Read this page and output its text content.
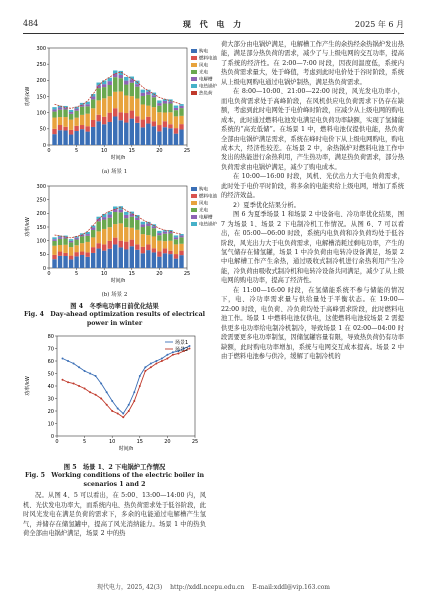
484	现 代 电 力	2025 年 6 月
0
50
100
150
200
250
300
0	5	10	15	20	25
功率/kW
时间/h
购电
燃料电池
风电
光电
电解槽
电热锅炉
热负荷
(a) 场景 1
0
50
100
150
200
250
300
0	5	10	15	20	25
功率/kW
时间/h
购电
燃料电池
风电
光电
电解槽
电热锅炉
(b) 场景 2
图 4　冬季电功率日前优化结果
Fig. 4　Day-ahead optimization results of electrical power in winter
0
10
20
30
40
50
60
70
80
0	5	10	15	20	25
功率/kW
时间/h
场景1
场景2
图 5　场景 1、2 下电锅炉工作情况
Fig. 5　Working conditions of the electric boiler in scenarios 1 and 2

况。从图 4、5 可以看出，在 5:00、13:00—14:00 内，风机、光伏发电功率大，而系统内电、热负荷需求处于低谷阶段，此时风光发电在满足负荷的需求下，多余的电能通过电解槽产生氢气，并储存在储氢罐中，提高了风光消纳能力。场景 1 中的热负荷全部由电锅炉满足，场景 2 中的热

荷大部分由电锅炉满足，电解槽工作产生的余热经余热锅炉发出热能，满足部分热负荷的需求，减少了与上级电网的交互功率，提高了系统的经济性。在 2:00—7:00 时段，因夜间温度低，系统内热负荷需求量大，处于峰值，考虑到此时电价处于谷时阶段，系统从上级电网购电通过电锅炉制热，满足热负荷需求。

在 8:00—10:00、21:00—22:00 时段，风光发电功率小，而电负荷需求处于高峰阶段，在风机供应电负荷需求下仍存在缺额，考虑到此时电网处于电价峰时阶段，应减少从上级电网的购电成本，此时通过燃料电池发电满足电负荷功率缺额，实现了氢储能系统的“高充低储”。在场景 1 中，燃料电池仅提供电能，热负荷全部由电锅炉满足需求，系统在峰时电价下从上级电网购电，购电成本大，经济性较差。在场景 2 中，余热锅炉对燃料电池工作中发出的热能进行余热利用，产生热功率，满足热负荷需求，部分热负荷需求由电锅炉满足，减少了购电成本。

在 10:00—16:00 时段，风机、光伏出力大于电负荷需求，此时处于电价平时阶段，将多余的电能卖给上级电网，增加了系统的经济效益。

2）夏季优化结果分析。

图 6 为夏季场景 1 和场景 2 中设备电、冷功率优化结果，图 7 为场景 1、场景 2 下电制冷机工作情况。从图 6、7 可以看出，在 05:00—06:00 时段，系统内电负荷和冷负荷均处于低谷阶段，风光出力大于电负荷需求，电解槽消耗过剩电功率，产生的氢气储存在储氢罐，场景 1 中冷负荷由电转冷设备满足，场景 2 中电解槽工作产生余热，通过吸收式制冷机进行余热利用产生冷能，冷负荷由吸收式制冷机和电转冷设备共同满足，减少了从上级电网的购电功率，提高了经济性。

在 11:00—16:00 时段，在氢储能系统不参与储能的情况下，电、冷功率需求量与供给量处于平衡状态。在 19:00—22:00 时段，电负荷、冷负荷均处于高峰需求阶段，此时燃料电池工作。场景 1 中燃料电池仅供电，这使燃料电池较场景 2 需提供更多电功率给电制冷机制冷，导致场景 1 在 02:00—04:00 时段需要更多电功率制氢，因储氢罐容量有限，导致热负荷仍有功率缺额，此时购电功率增加，系统与电网交互成本提高。场景 2 中由于燃料电池参与供冷，缓解了电制冷机的

现代电力，2025, 42(3)　 http://xddl.ncepu.edu.cn　 E-mail:xddl@vip.163.com
